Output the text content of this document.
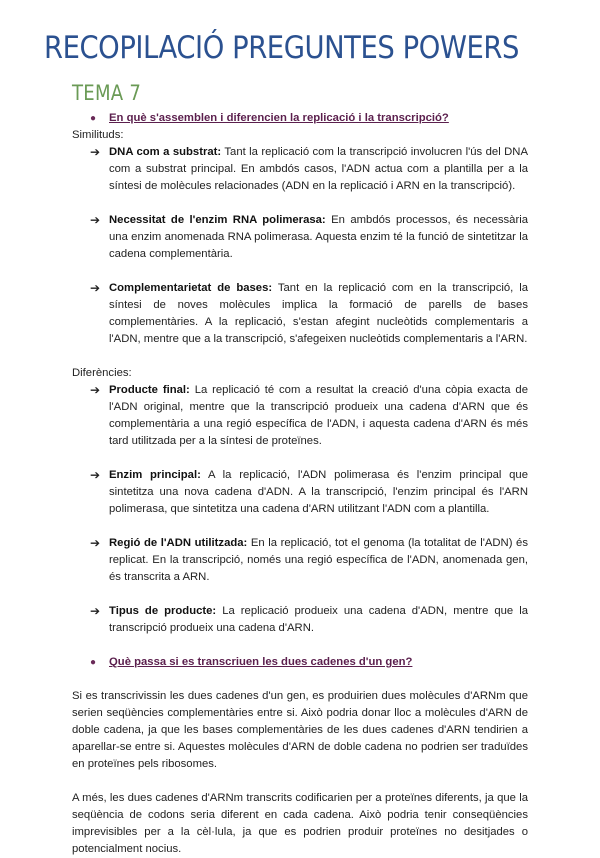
RECOPILACIÓ PREGUNTES POWERS
TEMA 7

● En què s'assemblen i diferencien la replicació i la transcripció?

Similituds:

➔ DNA com a substrat: Tant la replicació com la transcripció involucren l'ús del DNA com a substrat principal. En ambdós casos, l'ADN actua com a plantilla per a la síntesi de molècules relacionades (ADN en la replicació i ARN en la transcripció).

➔ Necessitat de l'enzim RNA polimerasa: En ambdós processos, és necessària una enzim anomenada RNA polimerasa. Aquesta enzim té la funció de sintetitzar la cadena complementària.

➔ Complementarietat de bases: Tant en la replicació com en la transcripció, la síntesi de noves molècules implica la formació de parells de bases complementàries. A la replicació, s'estan afegint nucleòtids complementaris a l'ADN, mentre que a la transcripció, s'afegeixen nucleòtids complementaris a l'ARN.

Diferències:

➔ Producte final: La replicació té com a resultat la creació d'una còpia exacta de l'ADN original, mentre que la transcripció produeix una cadena d'ARN que és complementària a una regió específica de l'ADN, i aquesta cadena d'ARN és més tard utilitzada per a la síntesi de proteïnes.

➔ Enzim principal: A la replicació, l'ADN polimerasa és l'enzim principal que sintetitza una nova cadena d'ADN. A la transcripció, l'enzim principal és l'ARN polimerasa, que sintetitza una cadena d'ARN utilitzant l'ADN com a plantilla.

➔ Regió de l'ADN utilitzada: En la replicació, tot el genoma (la totalitat de l'ADN) és replicat. En la transcripció, només una regió específica de l'ADN, anomenada gen, és transcrita a ARN.

➔ Tipus de producte: La replicació produeix una cadena d'ADN, mentre que la transcripció produeix una cadena d'ARN.

● Què passa si es transcriuen les dues cadenes d'un gen?

Si es transcrivissin les dues cadenes d'un gen, es produirien dues molècules d'ARNm que serien seqüències complementàries entre si. Això podria donar lloc a molècules d'ARN de doble cadena, ja que les bases complementàries de les dues cadenes d'ARN tendirien a aparellar-se entre si. Aquestes molècules d'ARN de doble cadena no podrien ser traduïdes en proteïnes pels ribosomes.

A més, les dues cadenes d'ARNm transcrits codificarien per a proteïnes diferents, ja que la seqüència de codons seria diferent en cada cadena. Això podria tenir conseqüències imprevisibles per a la cèl·lula, ja que es podrien produir proteïnes no desitjades o potencialment nocius.
